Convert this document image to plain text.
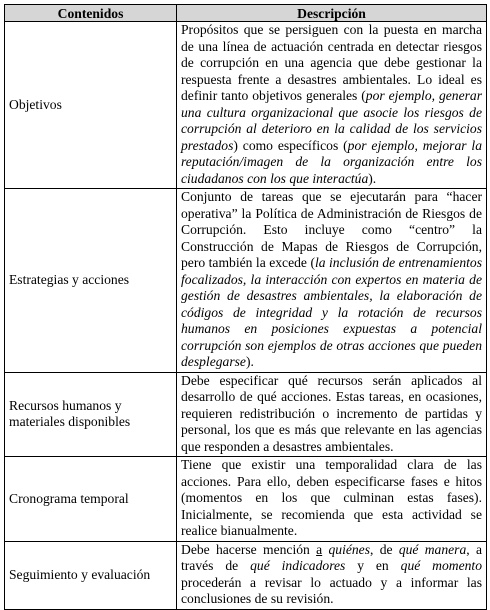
Contenidos	Descripción
Objetivos	Propósitos que se persiguen con la puesta en marcha de una línea de actuación centrada en detectar riesgos de corrupción en una agencia que debe gestionar la respuesta frente a desastres ambientales. Lo ideal es definir tanto objetivos generales (por ejemplo, generar una cultura organizacional que asocie los riesgos de corrupción al deterioro en la calidad de los servicios prestados) como específicos (por ejemplo, mejorar la reputación/imagen de la organización entre los ciudadanos con los que interactúa).
Estrategias y acciones	Conjunto de tareas que se ejecutarán para “hacer operativa” la Política de Administración de Riesgos de Corrupción. Esto incluye como “centro” la Construcción de Mapas de Riesgos de Corrupción, pero también la excede (la inclusión de entrenamientos focalizados, la interacción con expertos en materia de gestión de desastres ambientales, la elaboración de códigos de integridad y la rotación de recursos humanos en posiciones expuestas a potencial corrupción son ejemplos de otras acciones que pueden desplegarse).
Recursos humanos y materiales disponibles	Debe especificar qué recursos serán aplicados al desarrollo de qué acciones. Estas tareas, en ocasiones, requieren redistribución o incremento de partidas y personal, los que es más que relevante en las agencias que responden a desastres ambientales.
Cronograma temporal	Tiene que existir una temporalidad clara de las acciones. Para ello, deben especificarse fases e hitos (momentos en los que culminan estas fases). Inicialmente, se recomienda que esta actividad se realice bianualmente.
Seguimiento y evaluación	Debe hacerse mención a quiénes, de qué manera, a través de qué indicadores y en qué momento procederán a revisar lo actuado y a informar las conclusiones de su revisión.
